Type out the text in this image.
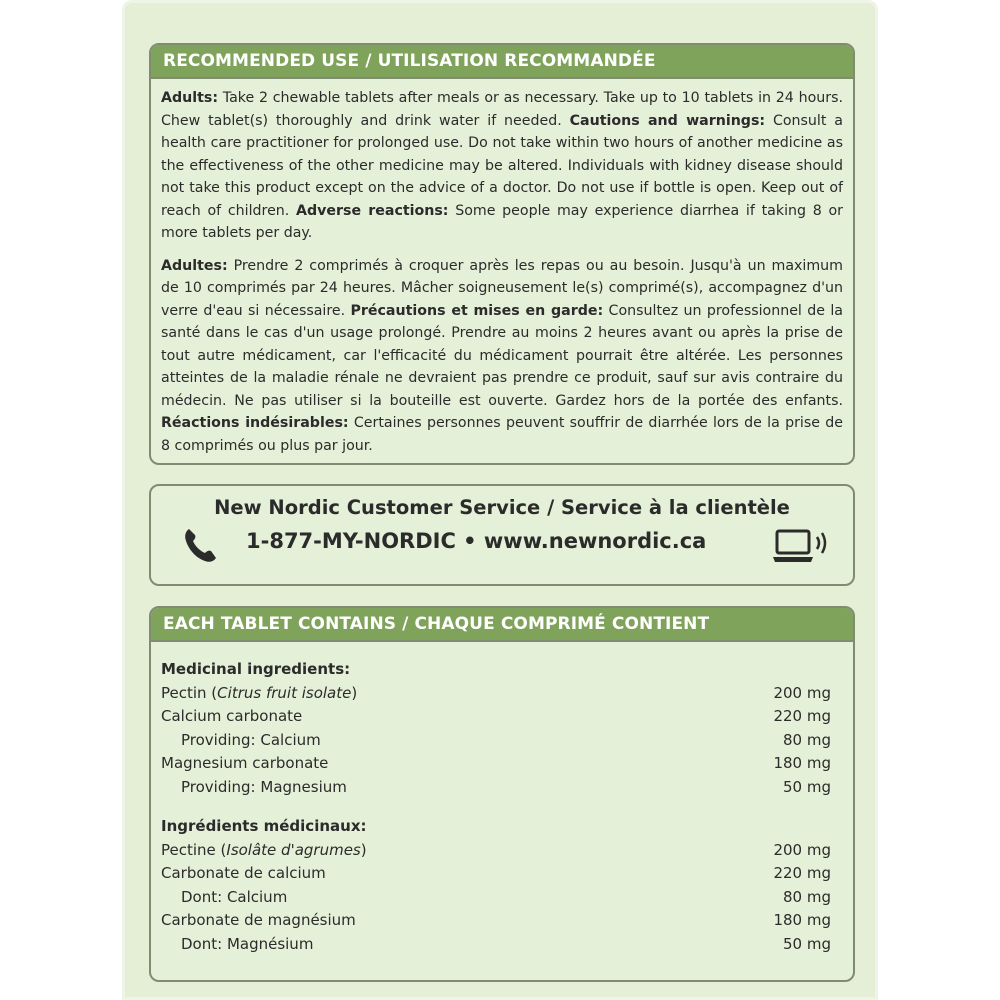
RECOMMENDED USE / UTILISATION RECOMMANDÉE

Adults: Take 2 chewable tablets after meals or as necessary. Take up to 10 tablets in 24 hours. Chew tablet(s) thoroughly and drink water if needed. Cautions and warnings: Consult a health care practitioner for prolonged use. Do not take within two hours of another medicine as the effectiveness of the other medicine may be altered. Individuals with kidney disease should not take this product except on the advice of a doctor. Do not use if bottle is open. Keep out of reach of children. Adverse reactions: Some people may experience diarrhea if taking 8 or more tablets per day.

Adultes: Prendre 2 comprimés à croquer après les repas ou au besoin. Jusqu'à un maximum de 10 comprimés par 24 heures. Mâcher soigneusement le(s) comprimé(s), accompagnez d'un verre d'eau si nécessaire. Précautions et mises en garde: Consultez un professionnel de la santé dans le cas d'un usage prolongé. Prendre au moins 2 heures avant ou après la prise de tout autre médicament, car l'efficacité du médicament pourrait être altérée. Les personnes atteintes de la maladie rénale ne devraient pas prendre ce produit, sauf sur avis contraire du médecin. Ne pas utiliser si la bouteille est ouverte. Gardez hors de la portée des enfants. Réactions indésirables: Certaines personnes peuvent souffrir de diarrhée lors de la prise de 8 comprimés ou plus par jour.

New Nordic Customer Service / Service à la clientèle
1-877-MY-NORDIC • www.newnordic.ca
EACH TABLET CONTAINS / CHAQUE COMPRIMÉ CONTIENT
Medicinal ingredients:
Pectin (Citrus fruit isolate)	200 mg
Calcium carbonate	220 mg
Providing: Calcium	80 mg
Magnesium carbonate	180 mg
Providing: Magnesium	50 mg
Ingrédients médicinaux:
Pectine (Isolâte d'agrumes)	200 mg
Carbonate de calcium	220 mg
Dont: Calcium	80 mg
Carbonate de magnésium	180 mg
Dont: Magnésium	50 mg
